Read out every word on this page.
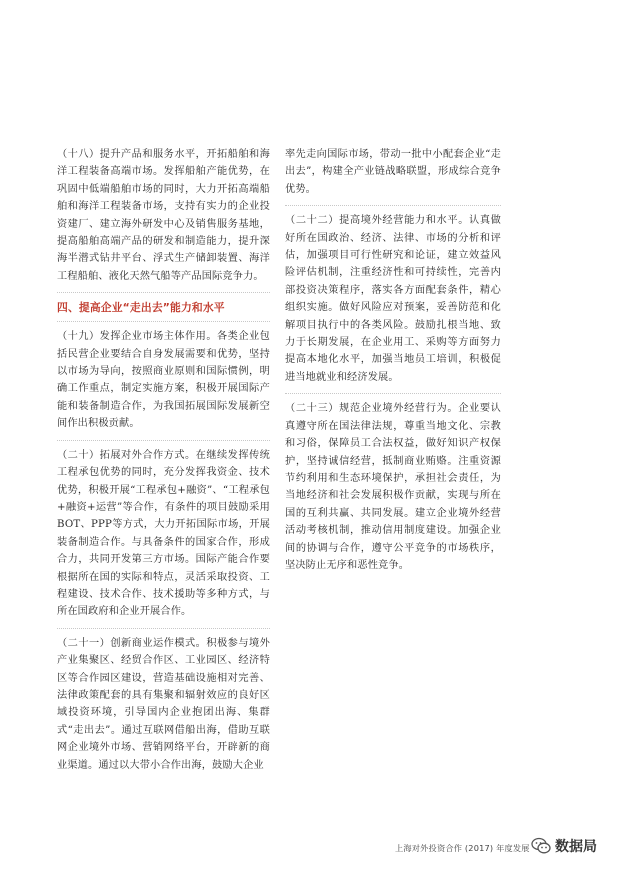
（十八）提升产品和服务水平，开拓船舶和海洋工程装备高端市场。发挥船舶产能优势，在巩固中低端船舶市场的同时，大力开拓高端船舶和海洋工程装备市场，支持有实力的企业投资建厂、建立海外研发中心及销售服务基地，提高船舶高端产品的研发和制造能力，提升深海半潜式钻井平台、浮式生产储卸装置、海洋工程船舶、液化天然气船等产品国际竞争力。

四、提高企业“走出去”能力和水平

（十九）发挥企业市场主体作用。各类企业包括民营企业要结合自身发展需要和优势，坚持以市场为导向，按照商业原则和国际惯例，明确工作重点，制定实施方案，积极开展国际产能和装备制造合作，为我国拓展国际发展新空间作出积极贡献。

（二十）拓展对外合作方式。在继续发挥传统工程承包优势的同时，充分发挥我资金、技术优势，积极开展“工程承包+融资”、“工程承包+融资+运营”等合作，有条件的项目鼓励采用BOT、PPP等方式，大力开拓国际市场，开展装备制造合作。与具备条件的国家合作，形成合力，共同开发第三方市场。国际产能合作要根据所在国的实际和特点，灵活采取投资、工程建设、技术合作、技术援助等多种方式，与所在国政府和企业开展合作。

（二十一）创新商业运作模式。积极参与境外产业集聚区、经贸合作区、工业园区、经济特区等合作园区建设，营造基础设施相对完善、法律政策配套的具有集聚和辐射效应的良好区域投资环境，引导国内企业抱团出海、集群式“走出去”。通过互联网借船出海，借助互联网企业境外市场、营销网络平台，开辟新的商业渠道。通过以大带小合作出海，鼓励大企业

率先走向国际市场，带动一批中小配套企业“走出去”，构建全产业链战略联盟，形成综合竞争优势。

（二十二）提高境外经营能力和水平。认真做好所在国政治、经济、法律、市场的分析和评估，加强项目可行性研究和论证，建立效益风险评估机制，注重经济性和可持续性，完善内部投资决策程序，落实各方面配套条件，精心组织实施。做好风险应对预案，妥善防范和化解项目执行中的各类风险。鼓励扎根当地、致力于长期发展，在企业用工、采购等方面努力提高本地化水平，加强当地员工培训，积极促进当地就业和经济发展。

（二十三）规范企业境外经营行为。企业要认真遵守所在国法律法规，尊重当地文化、宗教和习俗，保障员工合法权益，做好知识产权保护，坚持诚信经营，抵制商业贿赂。注重资源节约利用和生态环境保护，承担社会责任，为当地经济和社会发展积极作贡献，实现与所在国的互利共赢、共同发展。建立企业境外经营活动考核机制，推动信用制度建设。加强企业间的协调与合作，遵守公平竞争的市场秩序，坚决防止无序和恶性竞争。

上海对外投资合作 (2017) 年度发展 数据局
